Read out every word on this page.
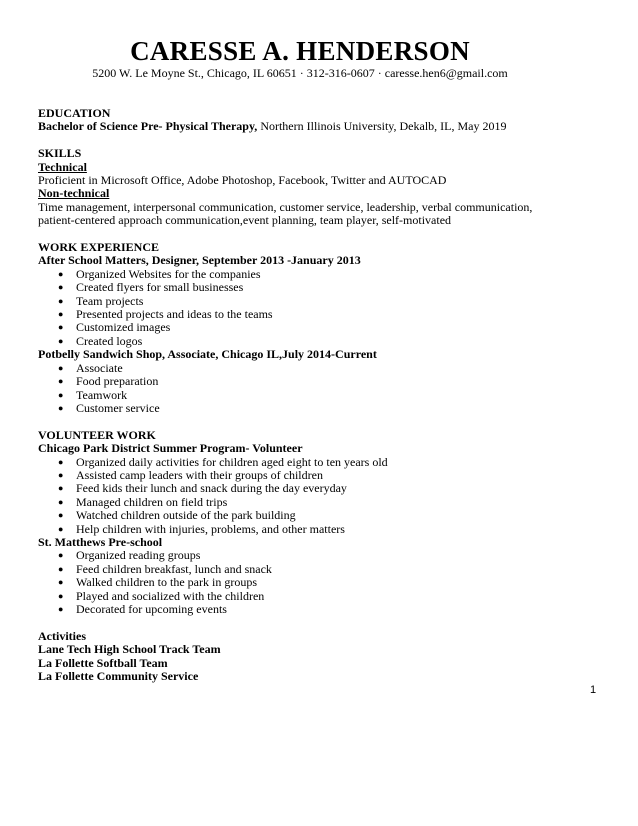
CARESSE A. HENDERSON
5200 W. Le Moyne St., Chicago, IL 60651 · 312-316-0607 · caresse.hen6@gmail.com
EDUCATION
Bachelor of Science Pre- Physical Therapy, Northern Illinois University, Dekalb, IL, May 2019
SKILLS
Technical
Proficient in Microsoft Office, Adobe Photoshop, Facebook, Twitter and AUTOCAD
Non-technical
Time management, interpersonal communication, customer service, leadership, verbal communication,
patient-centered approach communication,event planning, team player, self-motivated
WORK EXPERIENCE
After School Matters, Designer, September 2013 -January 2013
● Organized Websites for the companies
● Created flyers for small businesses
● Team projects
● Presented projects and ideas to the teams
● Customized images
● Created logos
Potbelly Sandwich Shop, Associate, Chicago IL,July 2014-Current
● Associate
● Food preparation
● Teamwork
● Customer service
VOLUNTEER WORK
Chicago Park District Summer Program- Volunteer
● Organized daily activities for children aged eight to ten years old
● Assisted camp leaders with their groups of children
● Feed kids their lunch and snack during the day everyday
● Managed children on field trips
● Watched children outside of the park building
● Help children with injuries, problems, and other matters
St. Matthews Pre-school
● Organized reading groups
● Feed children breakfast, lunch and snack
● Walked children to the park in groups
● Played and socialized with the children
● Decorated for upcoming events
Activities
Lane Tech High School Track Team
La Follette Softball Team
La Follette Community Service
1
